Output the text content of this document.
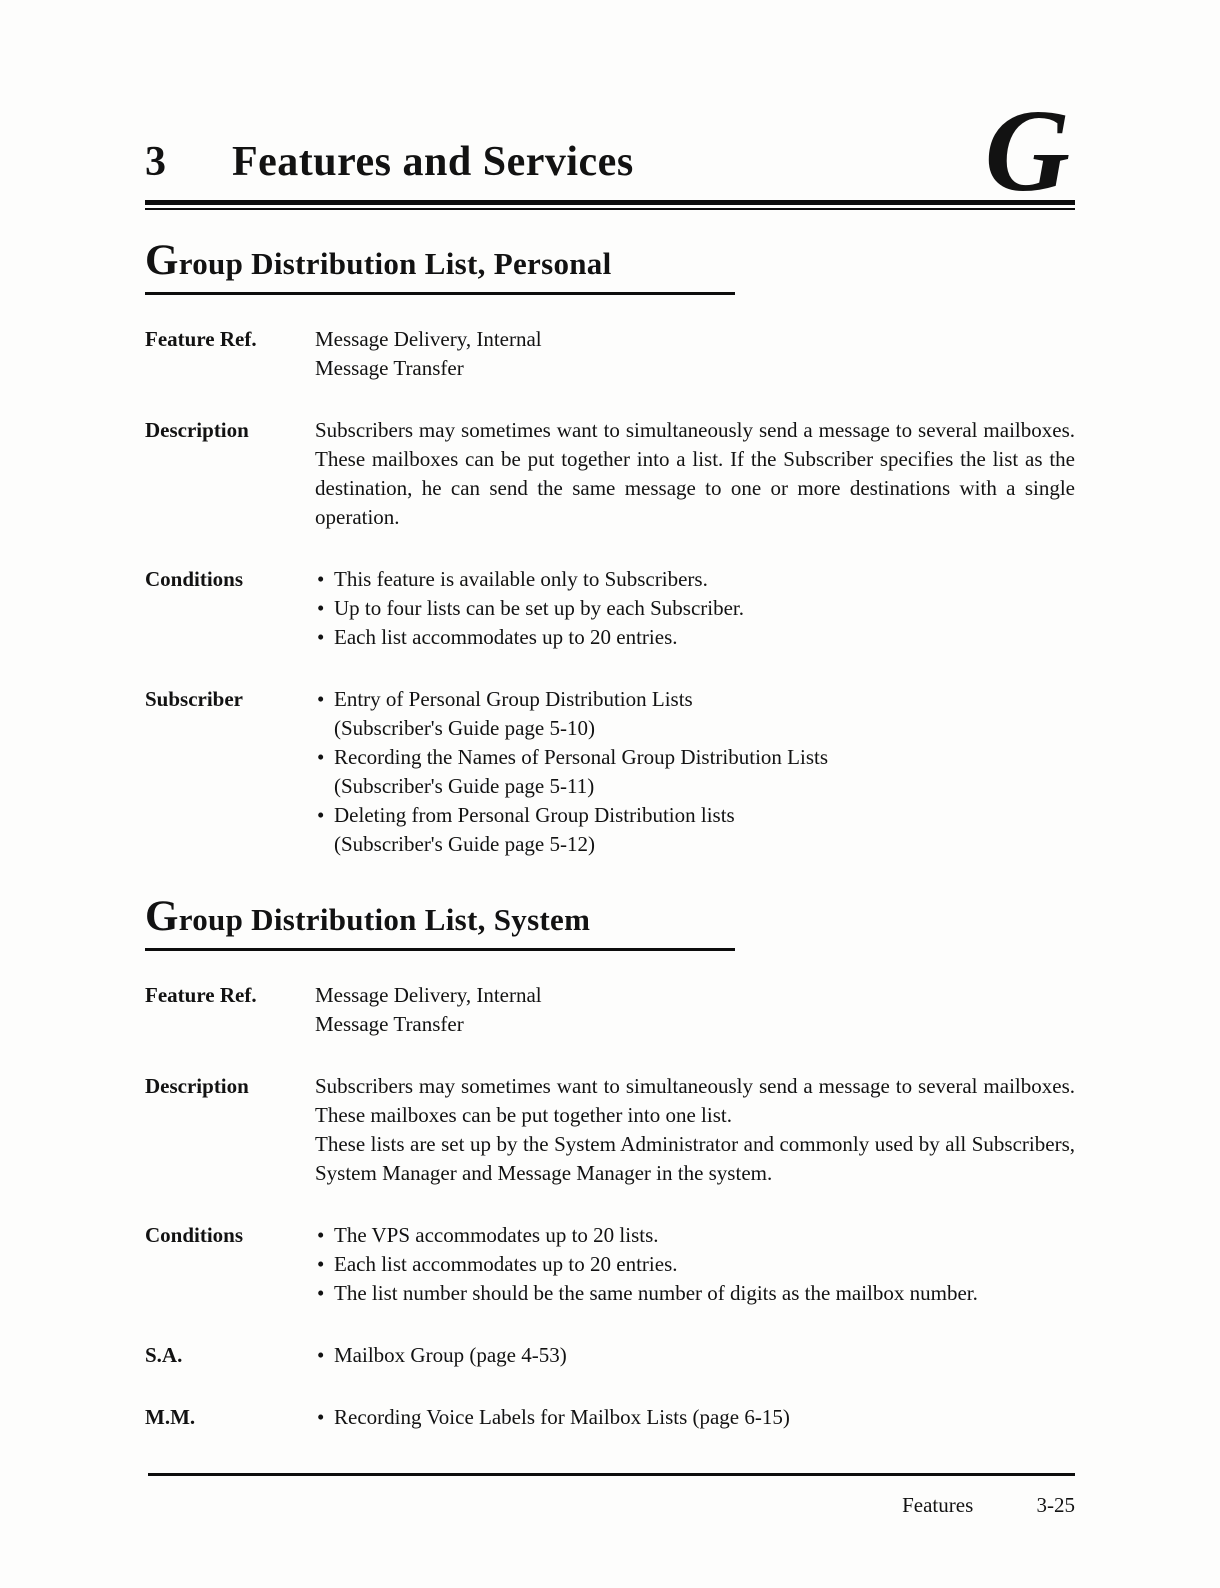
3 Features and Services
Group Distribution List, Personal
Feature Ref.	Message Delivery, Internal
Message Transfer
Description	Subscribers may sometimes want to simultaneously send a message to several mailboxes. These mailboxes can be put together into a list. If the Subscriber specifies the list as the destination, he can send the same message to one or more destinations with a single operation.
Conditions	• This feature is available only to Subscribers.
• Up to four lists can be set up by each Subscriber.
• Each list accommodates up to 20 entries.
Subscriber	• Entry of Personal Group Distribution Lists
(Subscriber's Guide page 5-10)
• Recording the Names of Personal Group Distribution Lists
(Subscriber's Guide page 5-11)
• Deleting from Personal Group Distribution lists
(Subscriber's Guide page 5-12)
Group Distribution List, System
Feature Ref.	Message Delivery, Internal
Message Transfer
Description	Subscribers may sometimes want to simultaneously send a message to several mailboxes. These mailboxes can be put together into one list.
These lists are set up by the System Administrator and commonly used by all Subscribers, System Manager and Message Manager in the system.
Conditions	• The VPS accommodates up to 20 lists.
• Each list accommodates up to 20 entries.
• The list number should be the same number of digits as the mailbox number.
S.A.	• Mailbox Group (page 4-53)
M.M.	• Recording Voice Labels for Mailbox Lists (page 6-15)
G
Features	3-25
